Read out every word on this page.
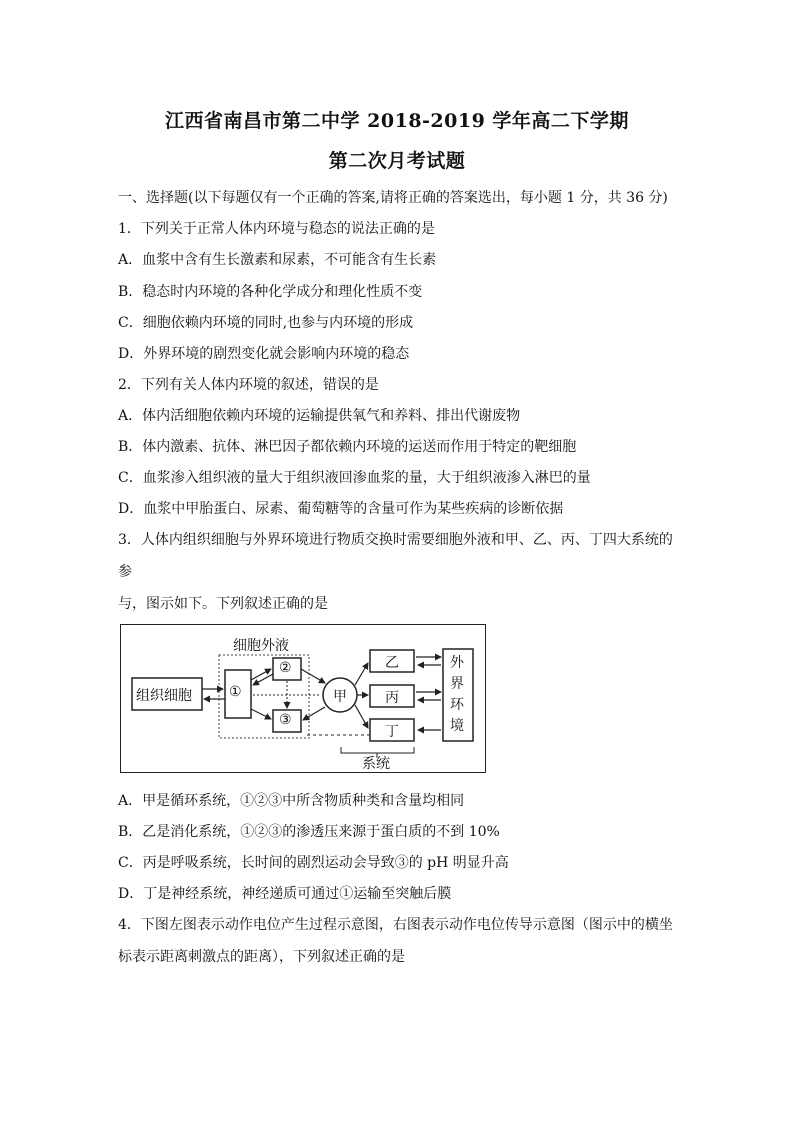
江西省南昌市第二中学 2018-2019 学年高二下学期
第二次月考试题
一、选择题(以下每题仅有一个正确的答案,请将正确的答案选出，每小题 1 分，共 36 分)
1．下列关于正常人体内环境与稳态的说法正确的是
A．血浆中含有生长激素和尿素，不可能含有生长素
B．稳态时内环境的各种化学成分和理化性质不变
C．细胞依赖内环境的同时,也参与内环境的形成
D．外界环境的剧烈变化就会影响内环境的稳态
2．下列有关人体内环境的叙述，错误的是
A．体内活细胞依赖内环境的运输提供氧气和养料、排出代谢废物
B．体内激素、抗体、淋巴因子都依赖内环境的运送而作用于特定的靶细胞
C．血浆渗入组织液的量大于组织液回渗血浆的量，大于组织液渗入淋巴的量
D．血浆中甲胎蛋白、尿素、葡萄糖等的含量可作为某些疾病的诊断依据
3．人体内组织细胞与外界环境进行物质交换时需要细胞外液和甲、乙、丙、丁四大系统的
参
与，图示如下。下列叙述正确的是
细胞外液
组织细胞	①
②
③
甲
乙
丙
丁
外界环境
系统
A．甲是循环系统，①②③中所含物质种类和含量均相同
B．乙是消化系统，①②③的渗透压来源于蛋白质的不到 10%
C．丙是呼吸系统，长时间的剧烈运动会导致③的 pH 明显升高
D．丁是神经系统，神经递质可通过①运输至突触后膜
4．下图左图表示动作电位产生过程示意图，右图表示动作电位传导示意图（图示中的横坐
标表示距离刺激点的距离），下列叙述正确的是
